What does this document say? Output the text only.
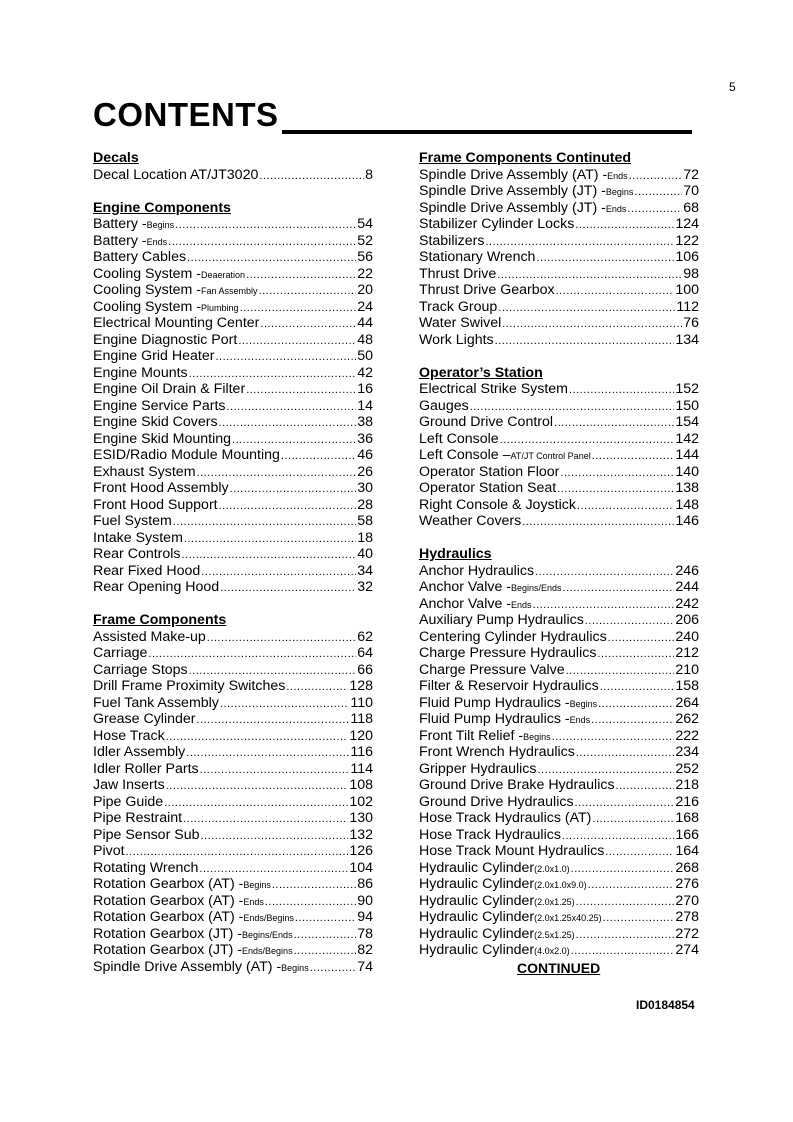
5
CONTENTS
Decals
Decal Location AT/JT3020 .....	8
Engine Components
Battery - Begins .....	54
Battery - Ends .....	52
Battery Cables .....	56
Cooling System - Deaeration .....	22
Cooling System - Fan Assembly .....	20
Cooling System - Plumbing .....	24
Electrical Mounting Center .....	44
Engine Diagnostic Port .....	48
Engine Grid Heater .....	50
Engine Mounts .....	42
Engine Oil Drain & Filter .....	16
Engine Service Parts .....	14
Engine Skid Covers .....	38
Engine Skid Mounting .....	36
ESID/Radio Module Mounting .....	46
Exhaust System .....	26
Front Hood Assembly .....	30
Front Hood Support .....	28
Fuel System .....	58
Intake System .....	18
Rear Controls .....	40
Rear Fixed Hood .....	34
Rear Opening Hood .....	32
Frame Components
Assisted Make-up .....	62
Carriage .....	64
Carriage Stops .....	66
Drill Frame Proximity Switches .....	128
Fuel Tank Assembly .....	110
Grease Cylinder .....	118
Hose Track .....	120
Idler Assembly .....	116
Idler Roller Parts .....	114
Jaw Inserts .....	108
Pipe Guide .....	102
Pipe Restraint .....	130
Pipe Sensor Sub .....	132
Pivot .....	126
Rotating Wrench .....	104
Rotation Gearbox (AT) - Begins .....	86
Rotation Gearbox (AT) - Ends .....	90
Rotation Gearbox (AT) - Ends/Begins .....	94
Rotation Gearbox (JT) - Begins/Ends .....	78
Rotation Gearbox (JT) - Ends/Begins .....	82
Spindle Drive Assembly (AT) - Begins .....	74
Frame Components Continuted
Spindle Drive Assembly (AT) - Ends .....	72
Spindle Drive Assembly (JT) - Begins .....	70
Spindle Drive Assembly (JT) - Ends .....	68
Stabilizer Cylinder Locks .....	124
Stabilizers .....	122
Stationary Wrench .....	106
Thrust Drive .....	98
Thrust Drive Gearbox .....	100
Track Group .....	112
Water Swivel .....	76
Work Lights .....	134
Operator’s Station
Electrical Strike System .....	152
Gauges .....	150
Ground Drive Control .....	154
Left Console .....	142
Left Console – AT/JT Control Panel .....	144
Operator Station Floor .....	140
Operator Station Seat .....	138
Right Console & Joystick .....	148
Weather Covers .....	146
Hydraulics
Anchor Hydraulics .....	246
Anchor Valve - Begins/Ends .....	244
Anchor Valve - Ends .....	242
Auxiliary Pump Hydraulics .....	206
Centering Cylinder Hydraulics .....	240
Charge Pressure Hydraulics .....	212
Charge Pressure Valve .....	210
Filter & Reservoir Hydraulics .....	158
Fluid Pump Hydraulics - Begins .....	264
Fluid Pump Hydraulics - Ends .....	262
Front Tilt Relief - Begins .....	222
Front Wrench Hydraulics .....	234
Gripper Hydraulics .....	252
Ground Drive Brake Hydraulics .....	218
Ground Drive Hydraulics .....	216
Hose Track Hydraulics (AT) .....	168
Hose Track Hydraulics .....	166
Hose Track Mount Hydraulics .....	164
Hydraulic Cylinder (2.0x1.0) .....	268
Hydraulic Cylinder (2.0x1.0x9.0) .....	276
Hydraulic Cylinder (2.0x1.25) .....	270
Hydraulic Cylinder (2.0x1.25x40.25) .....	278
Hydraulic Cylinder (2.5x1.25) .....	272
Hydraulic Cylinder (4.0x2.0) .....	274
CONTINUED
ID0184854
